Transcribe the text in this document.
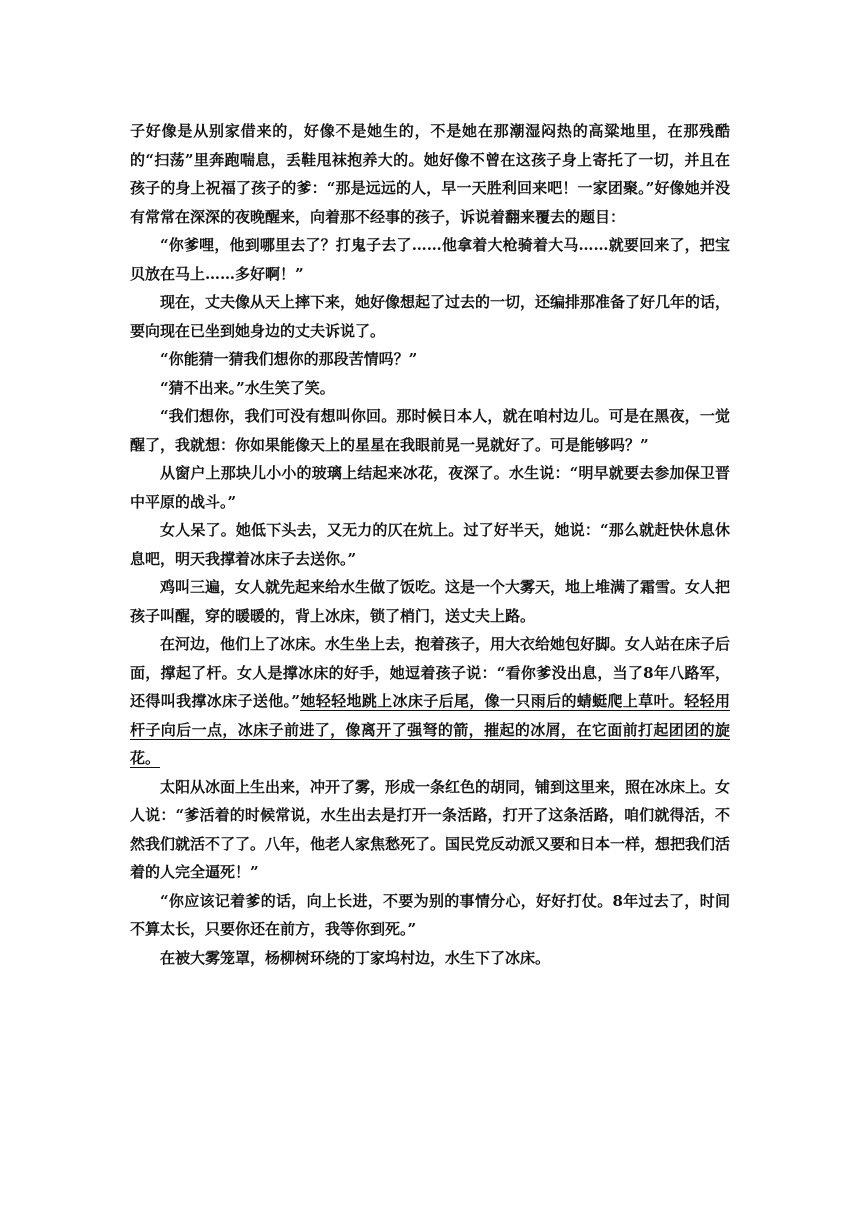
子好像是从别家借来的，好像不是她生的，不是她在那潮湿闷热的高粱地里，在那残酷的“扫荡”里奔跑喘息，丢鞋甩袜抱养大的。她好像不曾在这孩子身上寄托了一切，并且在孩子的身上祝福了孩子的爹：“那是远远的人，早一天胜利回来吧！一家团聚。”好像她并没有常常在深深的夜晚醒来，向着那不经事的孩子，诉说着翻来覆去的题目：

“你爹哩，他到哪里去了？打鬼子去了……他拿着大枪骑着大马……就要回来了，把宝贝放在马上……多好啊！”

现在，丈夫像从天上摔下来，她好像想起了过去的一切，还编排那准备了好几年的话，要向现在已坐到她身边的丈夫诉说了。

“你能猜一猜我们想你的那段苦情吗？”

“猜不出来。”水生笑了笑。

“我们想你，我们可没有想叫你回。那时候日本人，就在咱村边儿。可是在黑夜，一觉醒了，我就想：你如果能像天上的星星在我眼前晃一晃就好了。可是能够吗？”

从窗户上那块儿小小的玻璃上结起来冰花，夜深了。水生说：“明早就要去参加保卫晋中平原的战斗。”

女人呆了。她低下头去，又无力的仄在炕上。过了好半天，她说：“那么就赶快休息休息吧，明天我撑着冰床子去送你。”

鸡叫三遍，女人就先起来给水生做了饭吃。这是一个大雾天，地上堆满了霜雪。女人把孩子叫醒，穿的暖暖的，背上冰床，锁了梢门，送丈夫上路。

在河边，他们上了冰床。水生坐上去，抱着孩子，用大衣给她包好脚。女人站在床子后面，撑起了杆。女人是撑冰床的好手，她逗着孩子说：“看你爹没出息，当了8年八路军，还得叫我撑冰床子送他。”她轻轻地跳上冰床子后尾，像一只雨后的蜻蜓爬上草叶。轻轻用杆子向后一点，冰床子前进了，像离开了强弩的箭，摧起的冰屑，在它面前打起团团的旋花。

太阳从冰面上生出来，冲开了雾，形成一条红色的胡同，铺到这里来，照在冰床上。女人说：“爹活着的时候常说，水生出去是打开一条活路，打开了这条活路，咱们就得活，不然我们就活不了了。八年，他老人家焦愁死了。国民党反动派又要和日本一样，想把我们活着的人完全逼死！”

“你应该记着爹的话，向上长进，不要为别的事情分心，好好打仗。8年过去了，时间不算太长，只要你还在前方，我等你到死。”

在被大雾笼罩，杨柳树环绕的丁家坞村边，水生下了冰床。
